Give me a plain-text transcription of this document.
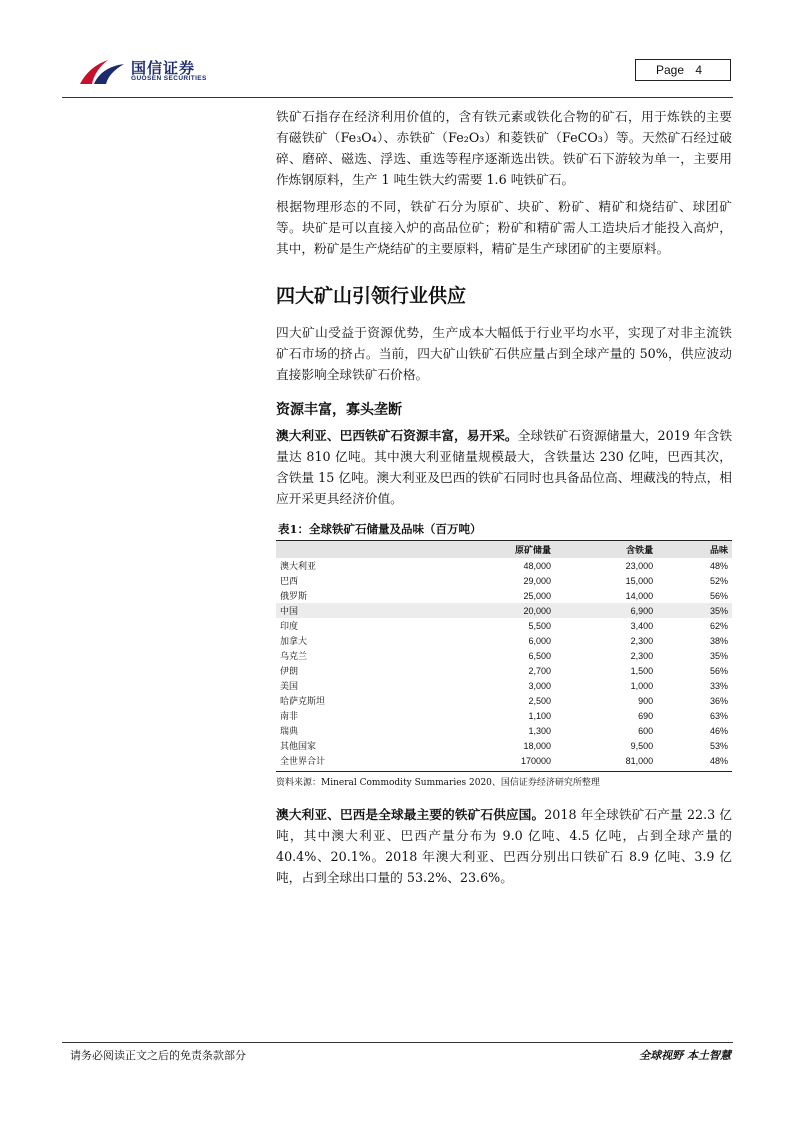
国信证券
GUOSEN SECURITIES
Page 4

铁矿石指存在经济利用价值的，含有铁元素或铁化合物的矿石，用于炼铁的主要有磁铁矿（Fe₃O₄）、赤铁矿（Fe₂O₃）和菱铁矿（FeCO₃）等。天然矿石经过破碎、磨碎、磁选、浮选、重选等程序逐渐选出铁。铁矿石下游较为单一，主要用作炼钢原料，生产 1 吨生铁大约需要 1.6 吨铁矿石。

根据物理形态的不同，铁矿石分为原矿、块矿、粉矿、精矿和烧结矿、球团矿等。块矿是可以直接入炉的高品位矿；粉矿和精矿需人工造块后才能投入高炉，其中，粉矿是生产烧结矿的主要原料，精矿是生产球团矿的主要原料。

四大矿山引领行业供应

四大矿山受益于资源优势，生产成本大幅低于行业平均水平，实现了对非主流铁矿石市场的挤占。当前，四大矿山铁矿石供应量占到全球产量的 50%，供应波动直接影响全球铁矿石价格。

资源丰富，寡头垄断

澳大利亚、巴西铁矿石资源丰富，易开采。全球铁矿石资源储量大，2019 年含铁量达 810 亿吨。其中澳大利亚储量规模最大，含铁量达 230 亿吨，巴西其次，含铁量 15 亿吨。澳大利亚及巴西的铁矿石同时也具备品位高、埋藏浅的特点，相应开采更具经济价值。

表1：全球铁矿石储量及品味（百万吨）
	原矿储量	含铁量	品味
澳大利亚	48,000	23,000	48%
巴西	29,000	15,000	52%
俄罗斯	25,000	14,000	56%
中国	20,000	6,900	35%
印度	5,500	3,400	62%
加拿大	6,000	2,300	38%
乌克兰	6,500	2,300	35%
伊朗	2,700	1,500	56%
美国	3,000	1,000	33%
哈萨克斯坦	2,500	900	36%
南非	1,100	690	63%
瑞典	1,300	600	46%
其他国家	18,000	9,500	53%
全世界合计	170000	81,000	48%
资料来源：Mineral Commodity Summaries 2020、国信证券经济研究所整理

澳大利亚、巴西是全球最主要的铁矿石供应国。2018 年全球铁矿石产量 22.3 亿吨，其中澳大利亚、巴西产量分布为 9.0 亿吨、4.5 亿吨，占到全球产量的 40.4%、20.1%。2018 年澳大利亚、巴西分别出口铁矿石 8.9 亿吨、3.9 亿吨，占到全球出口量的 53.2%、23.6%。

请务必阅读正文之后的免责条款部分	全球视野 本土智慧
